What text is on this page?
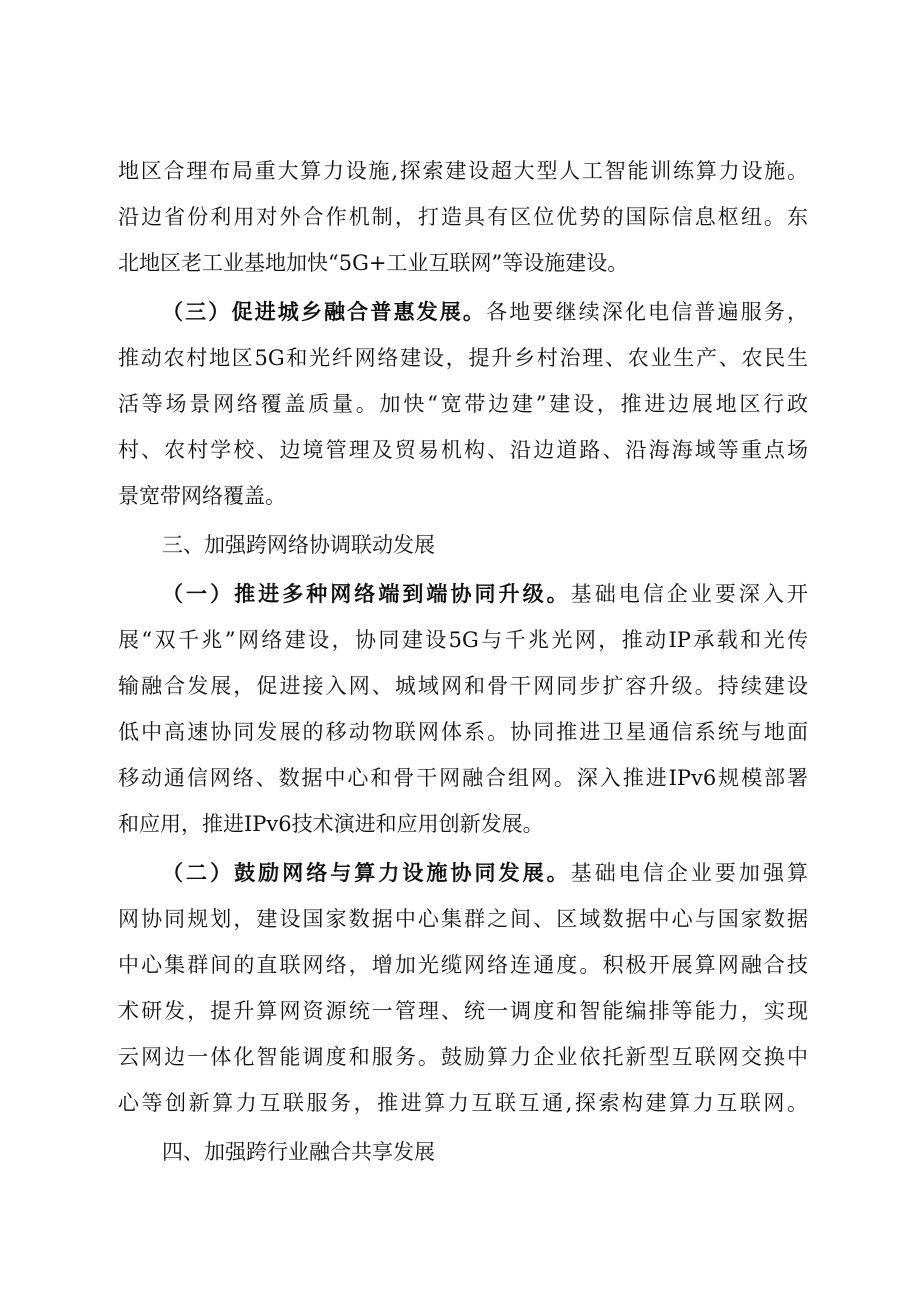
地区合理布局重大算力设施,探索建设超大型人工智能训练算力设施。
沿边省份利用对外合作机制，打造具有区位优势的国际信息枢纽。东
北地区老工业基地加快“5G+工业互联网”等设施建设。
（三）促进城乡融合普惠发展。各地要继续深化电信普遍服务，
推动农村地区5G和光纤网络建设，提升乡村治理、农业生产、农民生
活等场景网络覆盖质量。加快“宽带边建”建设，推进边展地区行政
村、农村学校、边境管理及贸易机构、沿边道路、沿海海域等重点场
景宽带网络覆盖。
三、加强跨网络协调联动发展
（一）推进多种网络端到端协同升级。基础电信企业要深入开
展“双千兆”网络建设，协同建设5G与千兆光网，推动IP承载和光传
输融合发展，促进接入网、城域网和骨干网同步扩容升级。持续建设
低中高速协同发展的移动物联网体系。协同推进卫星通信系统与地面
移动通信网络、数据中心和骨干网融合组网。深入推进IPv6规模部署
和应用，推进IPv6技术演进和应用创新发展。
（二）鼓励网络与算力设施协同发展。基础电信企业要加强算
网协同规划，建设国家数据中心集群之间、区域数据中心与国家数据
中心集群间的直联网络，增加光缆网络连通度。积极开展算网融合技
术研发，提升算网资源统一管理、统一调度和智能编排等能力，实现
云网边一体化智能调度和服务。鼓励算力企业依托新型互联网交换中
心等创新算力互联服务，推进算力互联互通,探索构建算力互联网。
四、加强跨行业融合共享发展
